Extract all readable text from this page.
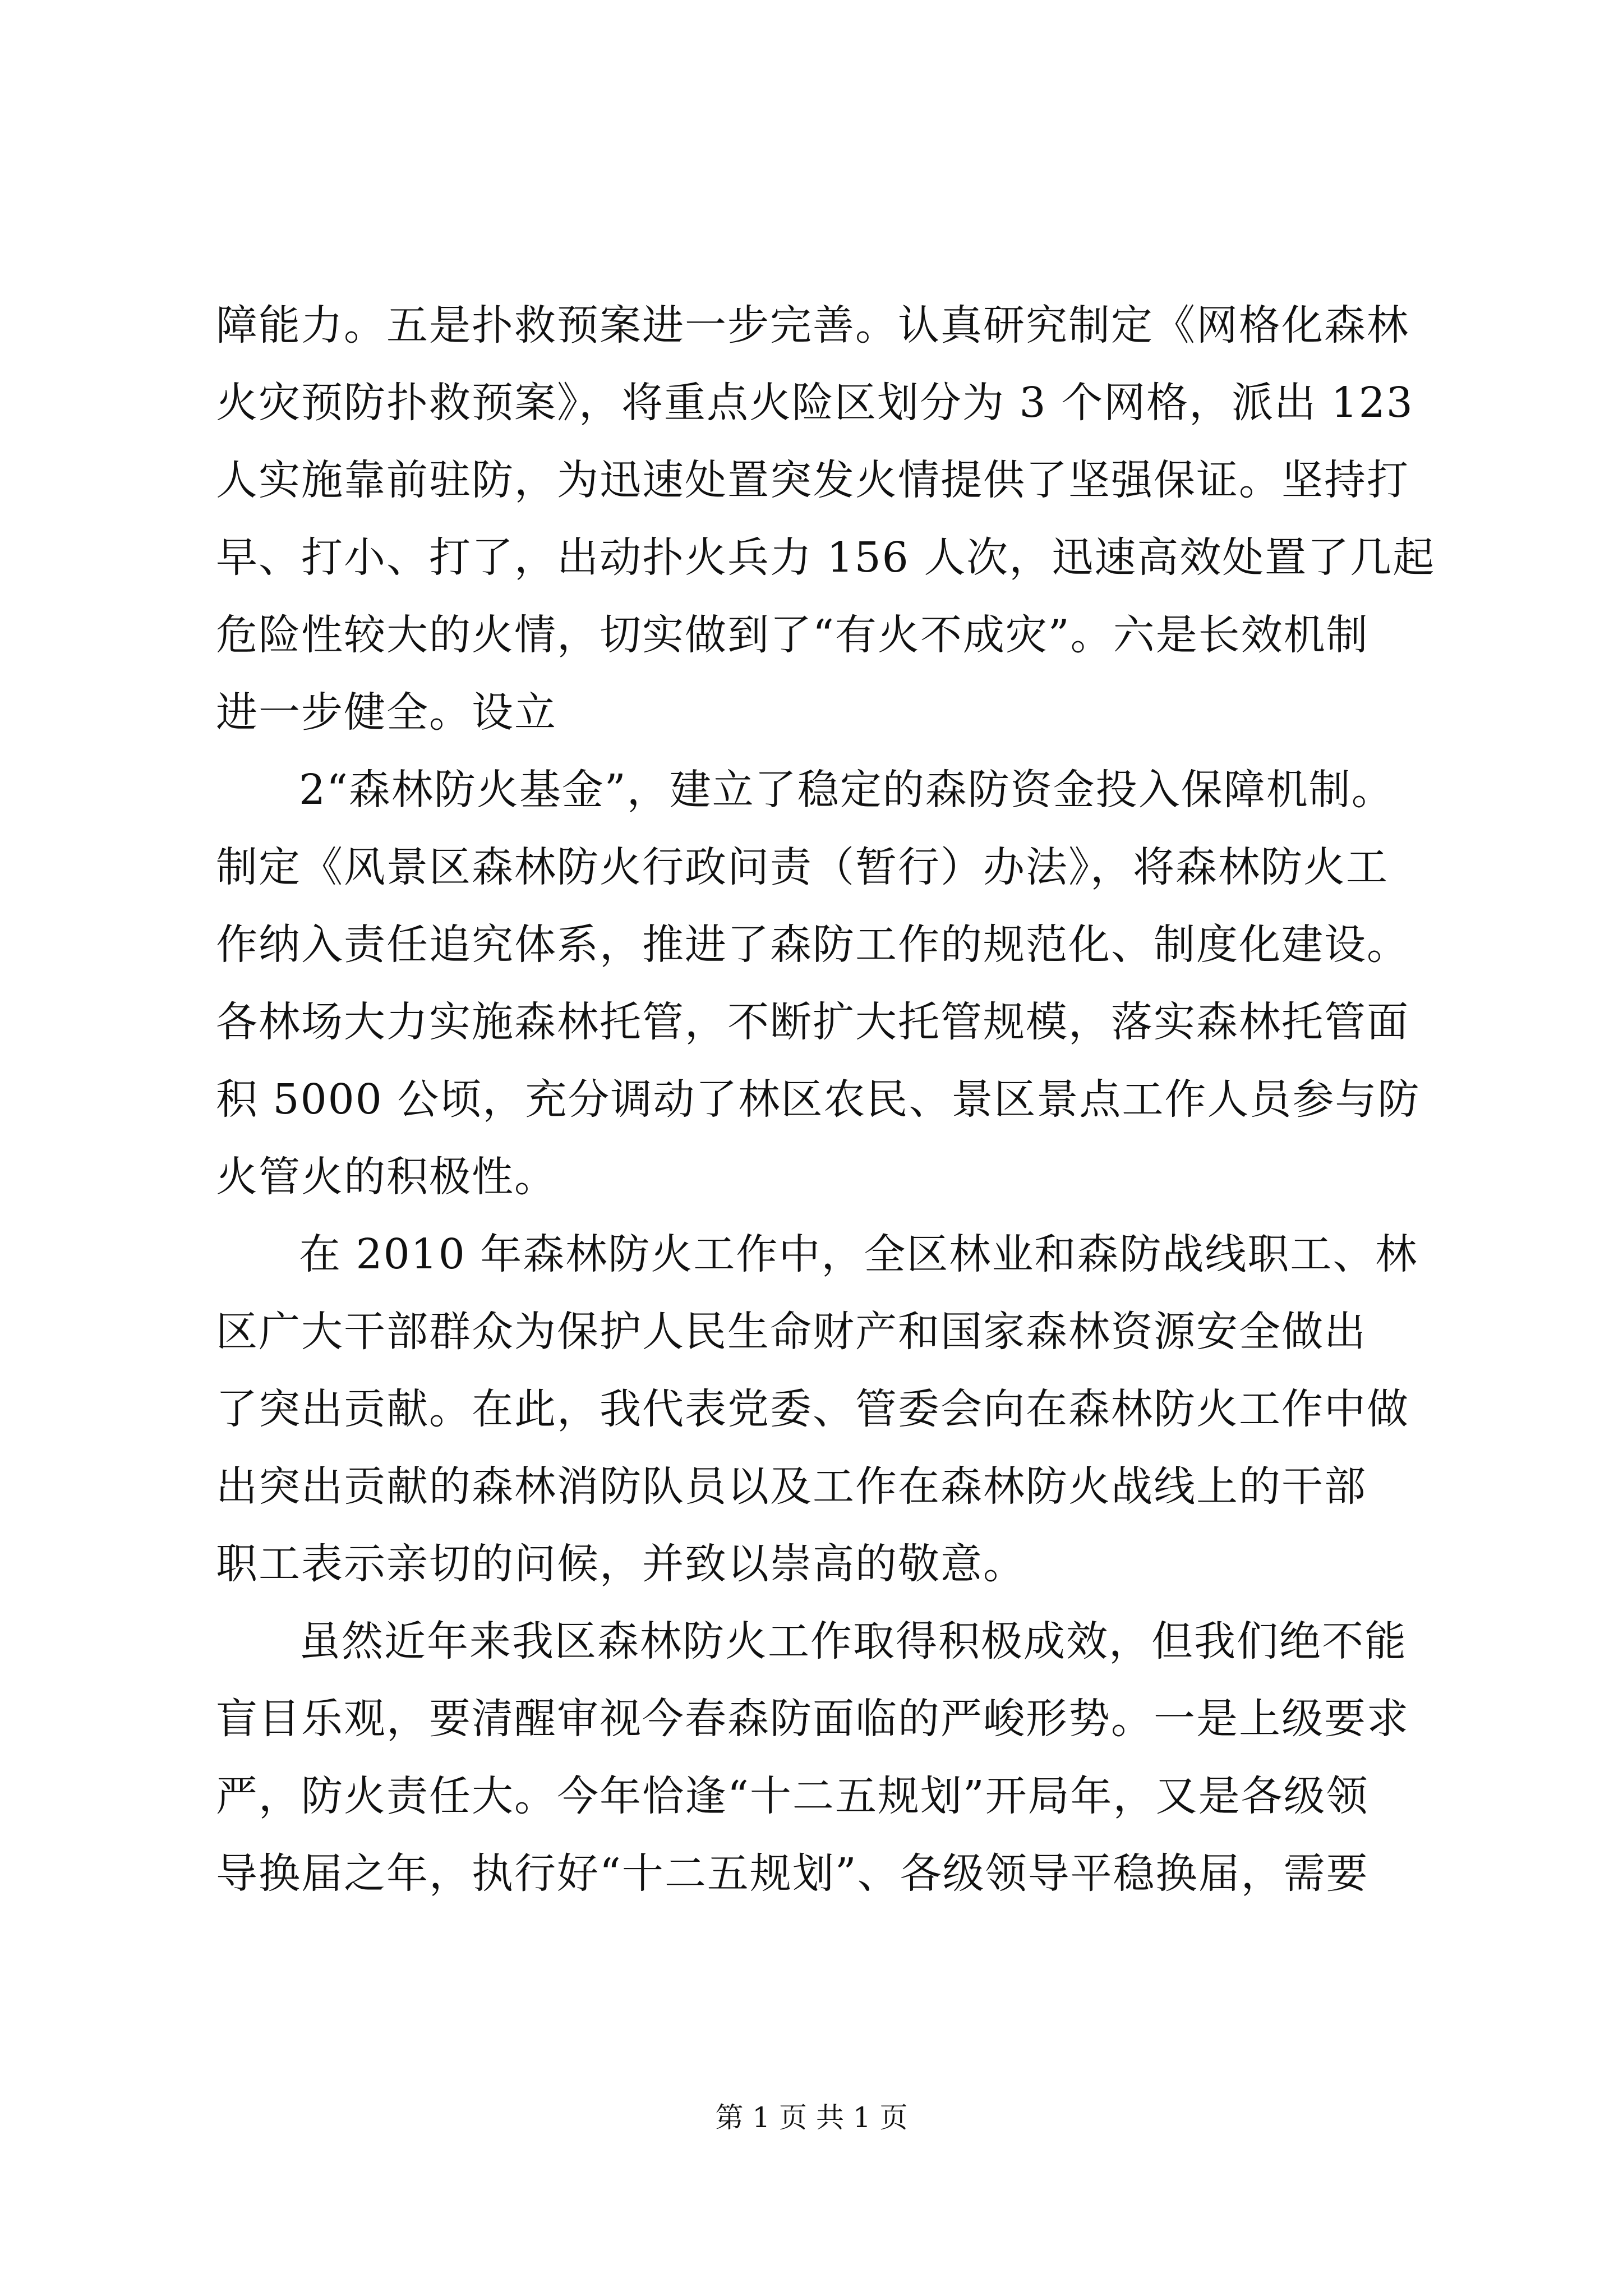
障能力。五是扑救预案进一步完善。认真研究制定《网格化森林
火灾预防扑救预案》，将重点火险区划分为 3 个网格，派出 123
人实施靠前驻防，为迅速处置突发火情提供了坚强保证。坚持打
早、打小、打了，出动扑火兵力 156 人次，迅速高效处置了几起
危险性较大的火情，切实做到了“有火不成灾”。六是长效机制
进一步健全。设立
2“森林防火基金”，建立了稳定的森防资金投入保障机制。
制定《风景区森林防火行政问责（暂行）办法》，将森林防火工
作纳入责任追究体系，推进了森防工作的规范化、制度化建设。
各林场大力实施森林托管，不断扩大托管规模，落实森林托管面
积 5000 公顷，充分调动了林区农民、景区景点工作人员参与防
火管火的积极性。
在 2010 年森林防火工作中，全区林业和森防战线职工、林
区广大干部群众为保护人民生命财产和国家森林资源安全做出
了突出贡献。在此，我代表党委、管委会向在森林防火工作中做
出突出贡献的森林消防队员以及工作在森林防火战线上的干部
职工表示亲切的问候，并致以崇高的敬意。
虽然近年来我区森林防火工作取得积极成效，但我们绝不能
盲目乐观，要清醒审视今春森防面临的严峻形势。一是上级要求
严，防火责任大。今年恰逢“十二五规划”开局年，又是各级领
导换届之年，执行好“十二五规划”、各级领导平稳换届，需要
第 1 页 共 1 页
